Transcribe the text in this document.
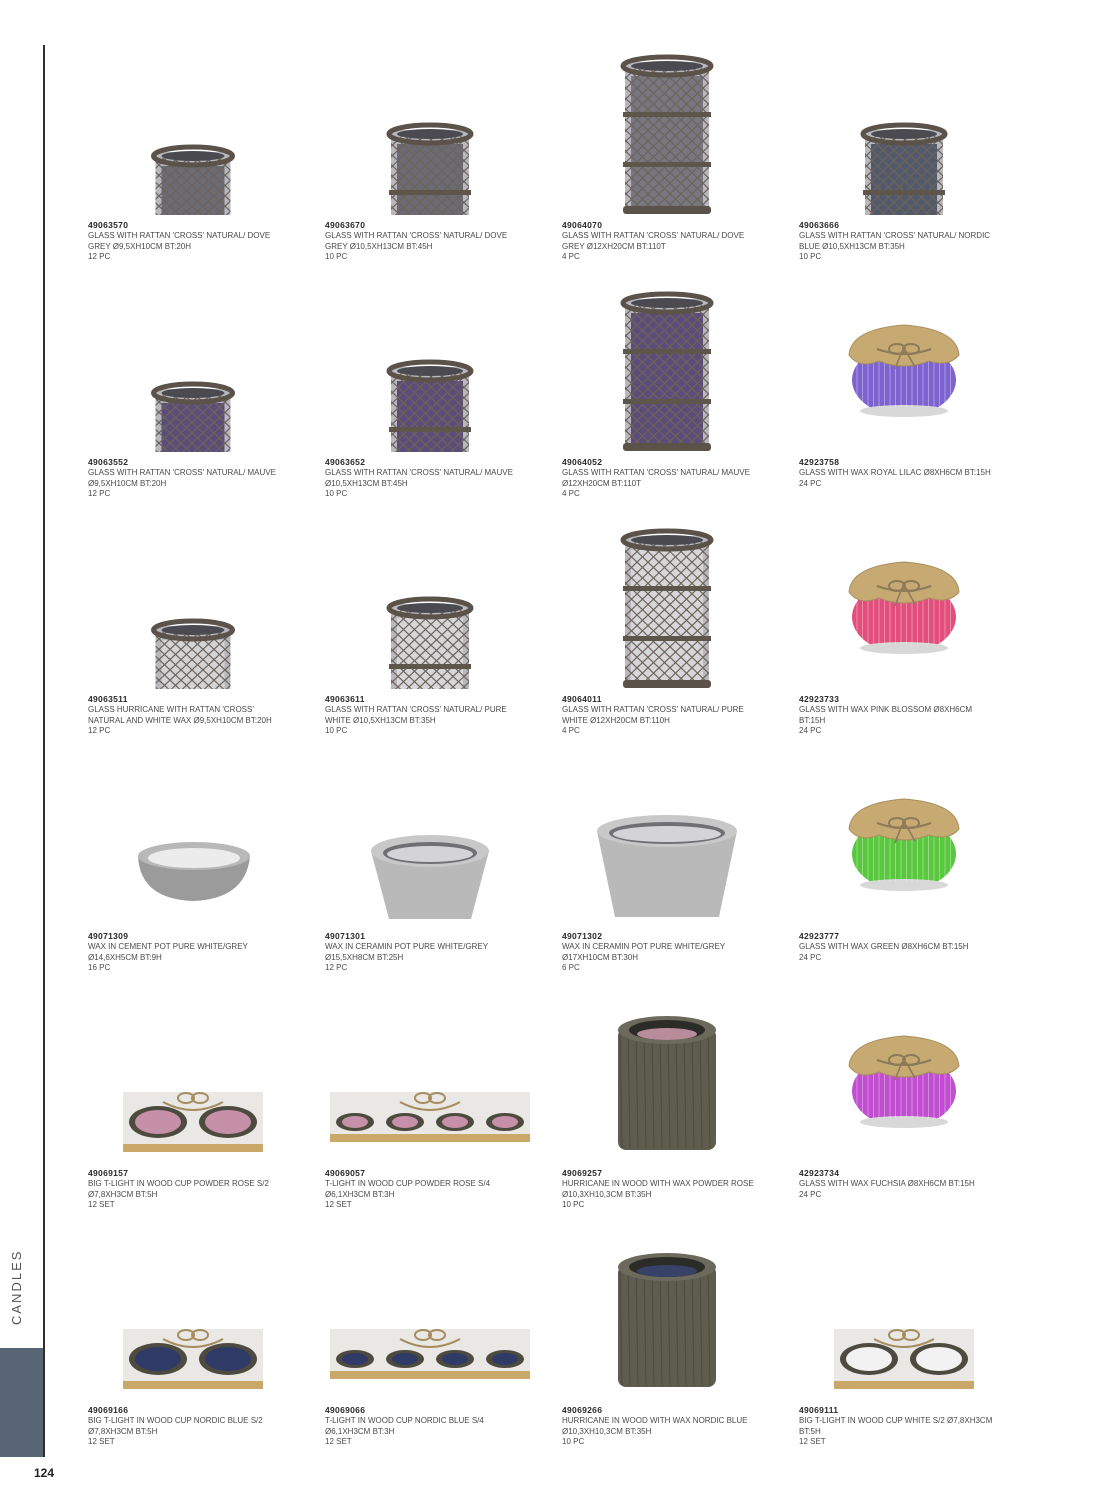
CANDLES
124
49063570
GLASS WITH RATTAN 'CROSS' NATURAL/ DOVE GREY Ø9,5XH10CM BT:20H
12 PC
49063670
GLASS WITH RATTAN 'CROSS' NATURAL/ DOVE GREY Ø10,5XH13CM BT:45H
10 PC
49064070
GLASS WITH RATTAN 'CROSS' NATURAL/ DOVE GREY Ø12XH20CM BT:110T
4 PC
49063666
GLASS WITH RATTAN 'CROSS' NATURAL/ NORDIC BLUE Ø10,5XH13CM BT:35H
10 PC
49063552
GLASS WITH RATTAN 'CROSS' NATURAL/ MAUVE Ø9,5XH10CM BT:20H
12 PC
49063652
GLASS WITH RATTAN 'CROSS' NATURAL/ MAUVE Ø10,5XH13CM BT:45H
10 PC
49064052
GLASS WITH RATTAN 'CROSS' NATURAL/ MAUVE Ø12XH20CM BT:110T
4 PC
42923758
GLASS WITH WAX ROYAL LILAC Ø8XH6CM BT:15H
24 PC
49063511
GLASS HURRICANE WITH RATTAN 'CROSS' NATURAL AND WHITE WAX Ø9,5XH10CM BT:20H
12 PC
49063611
GLASS WITH RATTAN 'CROSS' NATURAL/ PURE WHITE Ø10,5XH13CM BT:35H
10 PC
49064011
GLASS WITH RATTAN 'CROSS' NATURAL/ PURE WHITE Ø12XH20CM BT:110H
4 PC
42923733
GLASS WITH WAX PINK BLOSSOM Ø8XH6CM BT:15H
24 PC
49071309
WAX IN CEMENT POT PURE WHITE/GREY Ø14,6XH5CM BT:9H
16 PC
49071301
WAX IN CERAMIN POT PURE WHITE/GREY Ø15,5XH8CM BT:25H
12 PC
49071302
WAX IN CERAMIN POT PURE WHITE/GREY Ø17XH10CM BT:30H
6 PC
42923777
GLASS WITH WAX GREEN Ø8XH6CM BT:15H
24 PC
49069157
BIG T-LIGHT IN WOOD CUP POWDER ROSE S/2 Ø7,8XH3CM BT:5H
12 SET
49069057
T-LIGHT IN WOOD CUP POWDER ROSE S/4 Ø6,1XH3CM BT:3H
12 SET
49069257
HURRICANE IN WOOD WITH WAX POWDER ROSE Ø10,3XH10,3CM BT:35H
10 PC
42923734
GLASS WITH WAX FUCHSIA Ø8XH6CM BT:15H
24 PC
49069166
BIG T-LIGHT IN WOOD CUP NORDIC BLUE S/2 Ø7,8XH3CM BT:5H
12 SET
49069066
T-LIGHT IN WOOD CUP NORDIC BLUE S/4 Ø6,1XH3CM BT:3H
12 SET
49069266
HURRICANE IN WOOD WITH WAX NORDIC BLUE Ø10,3XH10,3CM BT:35H
10 PC
49069111
BIG T-LIGHT IN WOOD CUP WHITE S/2 Ø7,8XH3CM BT:5H
12 SET
